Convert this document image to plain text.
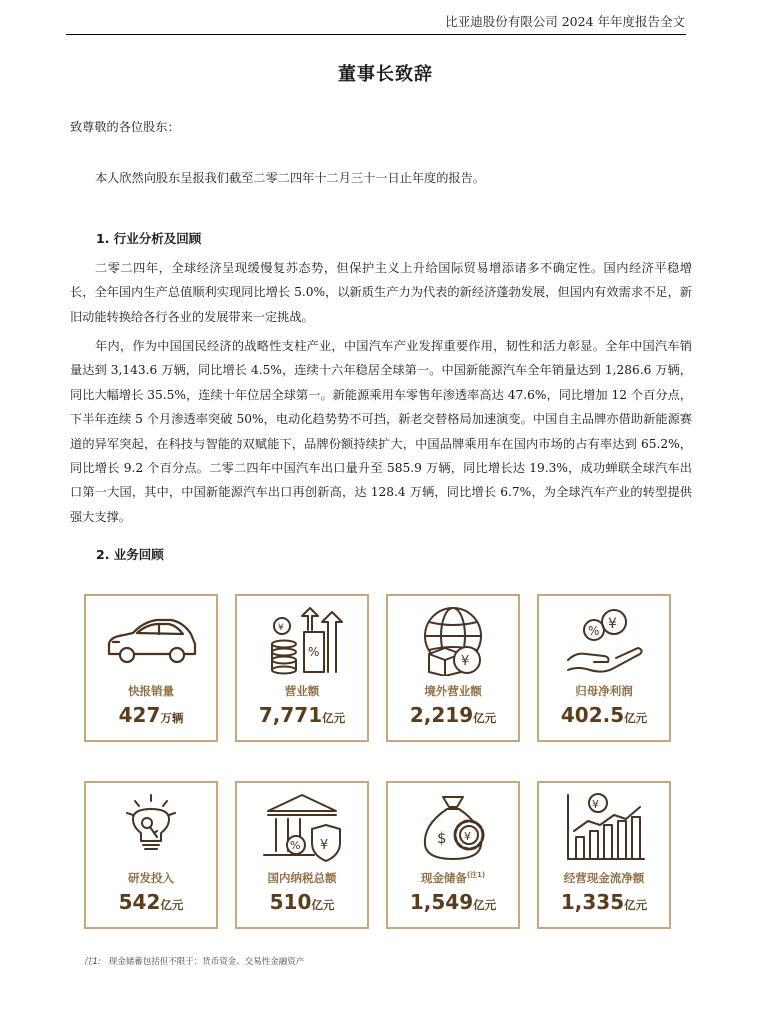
比亚迪股份有限公司 2024 年年度报告全文
董事长致辞
致尊敬的各位股东：
本人欣然向股东呈报我们截至二零二四年十二月三十一日止年度的报告。
1. 行业分析及回顾
二零二四年，全球经济呈现缓慢复苏态势，但保护主义上升给国际贸易增添诸多不确定性。国内经济平稳增长，全年国内生产总值顺利实现同比增长 5.0%，以新质生产力为代表的新经济蓬勃发展，但国内有效需求不足，新旧动能转换给各行各业的发展带来一定挑战。
年内，作为中国国民经济的战略性支柱产业，中国汽车产业发挥重要作用，韧性和活力彰显。全年中国汽车销量达到 3,143.6 万辆，同比增长 4.5%，连续十六年稳居全球第一。中国新能源汽车全年销量达到 1,286.6 万辆，同比大幅增长 35.5%，连续十年位居全球第一。新能源乘用车零售年渗透率高达 47.6%，同比增加 12 个百分点，下半年连续 5 个月渗透率突破 50%，电动化趋势势不可挡，新老交替格局加速演变。中国自主品牌亦借助新能源赛道的异军突起，在科技与智能的双赋能下，品牌份额持续扩大，中国品牌乘用车在国内市场的占有率达到 65.2%，同比增长 9.2 个百分点。二零二四年中国汽车出口量升至 585.9 万辆，同比增长达 19.3%，成功蝉联全球汽车出口第一大国，其中，中国新能源汽车出口再创新高，达 128.4 万辆，同比增长 6.7%，为全球汽车产业的转型提供强大支撑。
2. 业务回顾
快报销量
427万辆
¥
%
营业额
7,771亿元
¥
境外营业额
2,219亿元
% ¥
归母净利润
402.5亿元
研发投入
542亿元
% ¥
国内纳税总额
510亿元
$ ¥
现金储备$^{(注1)}$
1,549亿元
¥
经营现金流净额
1,335亿元
注1: 现金储蓄包括但不限于：货币资金、交易性金融资产
